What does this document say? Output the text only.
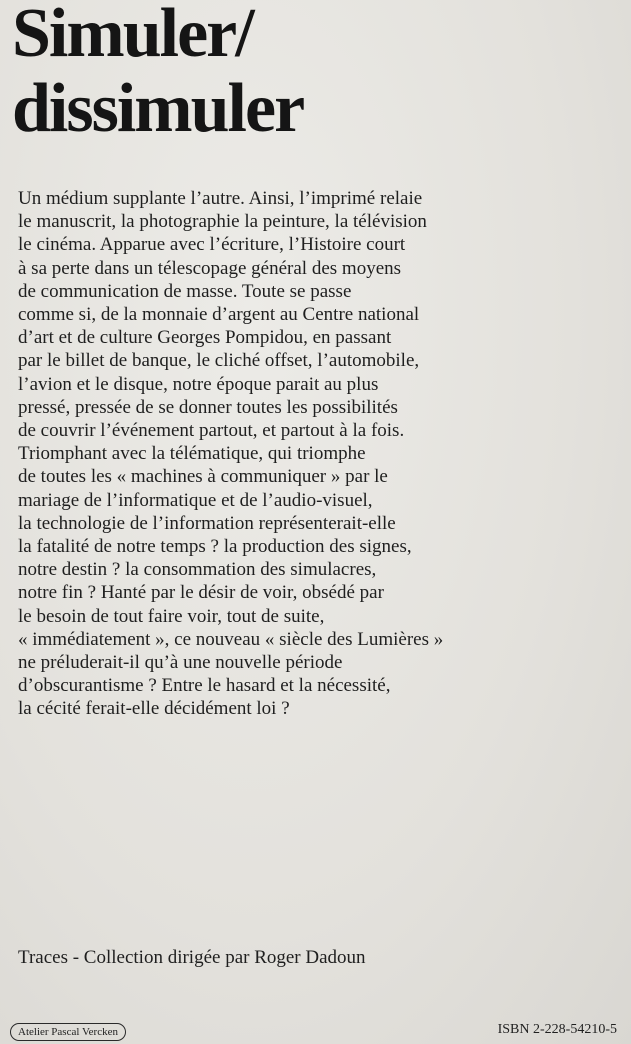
Simuler/
dissimuler
Un médium supplante l’autre. Ainsi, l’imprimé relaie
le manuscrit, la photographie la peinture, la télévision
le cinéma. Apparue avec l’écriture, l’Histoire court
à sa perte dans un télescopage général des moyens
de communication de masse. Toute se passe
comme si, de la monnaie d’argent au Centre national
d’art et de culture Georges Pompidou, en passant
par le billet de banque, le cliché offset, l’automobile,
l’avion et le disque, notre époque parait au plus
pressé, pressée de se donner toutes les possibilités
de couvrir l’événement partout, et partout à la fois.
Triomphant avec la télématique, qui triomphe
de toutes les « machines à communiquer » par le
mariage de l’informatique et de l’audio-visuel,
la technologie de l’information représenterait-elle
la fatalité de notre temps ? la production des signes,
notre destin ? la consommation des simulacres,
notre fin ? Hanté par le désir de voir, obsédé par
le besoin de tout faire voir, tout de suite,
« immédiatement », ce nouveau « siècle des Lumières »
ne préluderait-il qu’à une nouvelle période
d’obscurantisme ? Entre le hasard et la nécessité,
la cécité ferait-elle décidément loi ?
Traces - Collection dirigée par Roger Dadoun
Atelier Pascal Vercken	ISBN 2-228-54210-5
